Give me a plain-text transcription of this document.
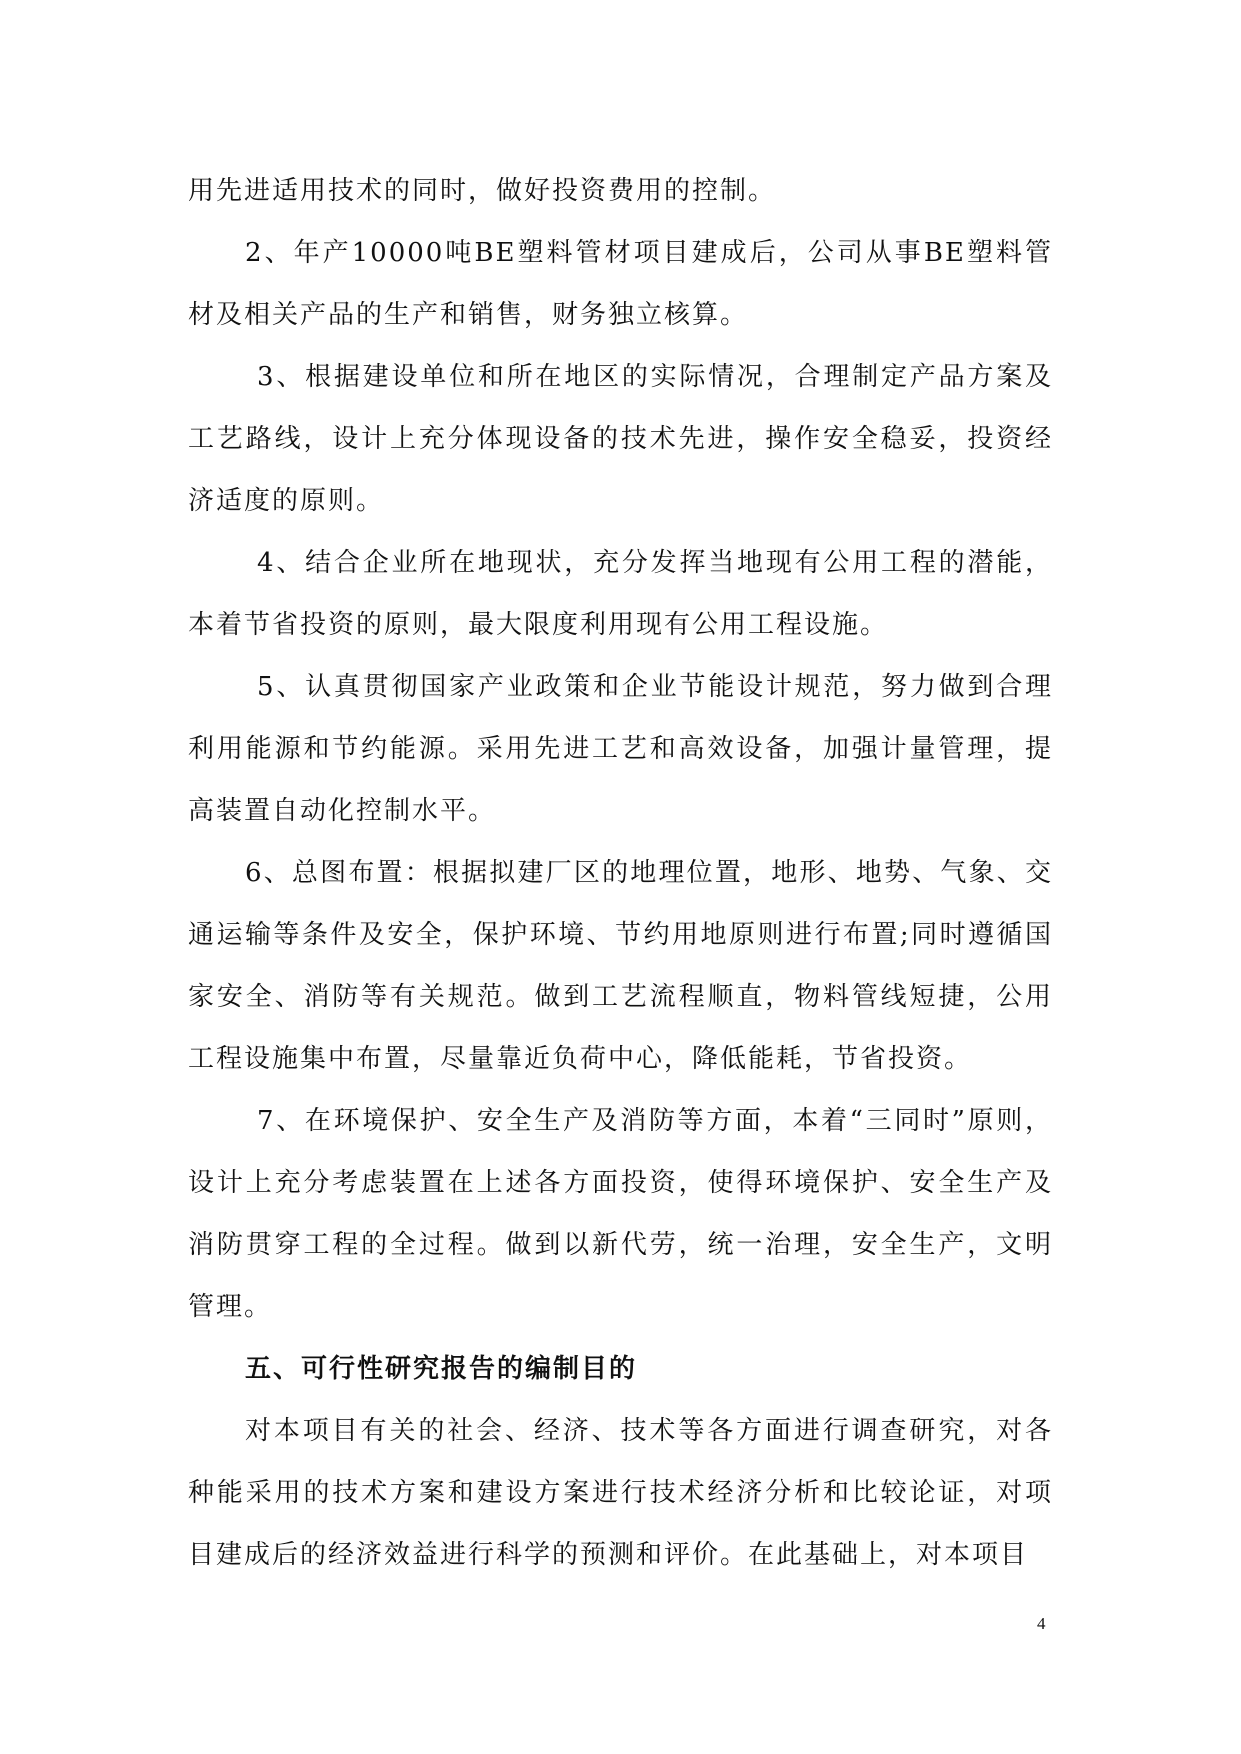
用先进适用技术的同时，做好投资费用的控制。

2、年产10000吨BE塑料管材项目建成后，公司从事BE塑料管材及相关产品的生产和销售，财务独立核算。

3、根据建设单位和所在地区的实际情况，合理制定产品方案及工艺路线，设计上充分体现设备的技术先进，操作安全稳妥，投资经济适度的原则。

4、结合企业所在地现状，充分发挥当地现有公用工程的潜能，本着节省投资的原则，最大限度利用现有公用工程设施。

5、认真贯彻国家产业政策和企业节能设计规范，努力做到合理利用能源和节约能源。采用先进工艺和高效设备，加强计量管理，提高装置自动化控制水平。

6、总图布置：根据拟建厂区的地理位置，地形、地势、气象、交通运输等条件及安全，保护环境、节约用地原则进行布置;同时遵循国家安全、消防等有关规范。做到工艺流程顺直，物料管线短捷，公用工程设施集中布置，尽量靠近负荷中心，降低能耗，节省投资。

7、在环境保护、安全生产及消防等方面，本着“三同时”原则，设计上充分考虑装置在上述各方面投资，使得环境保护、安全生产及消防贯穿工程的全过程。做到以新代劳，统一治理，安全生产，文明管理。

五、可行性研究报告的编制目的

对本项目有关的社会、经济、技术等各方面进行调查研究，对各种能采用的技术方案和建设方案进行技术经济分析和比较论证，对项目建成后的经济效益进行科学的预测和评价。在此基础上，对本项目

4
